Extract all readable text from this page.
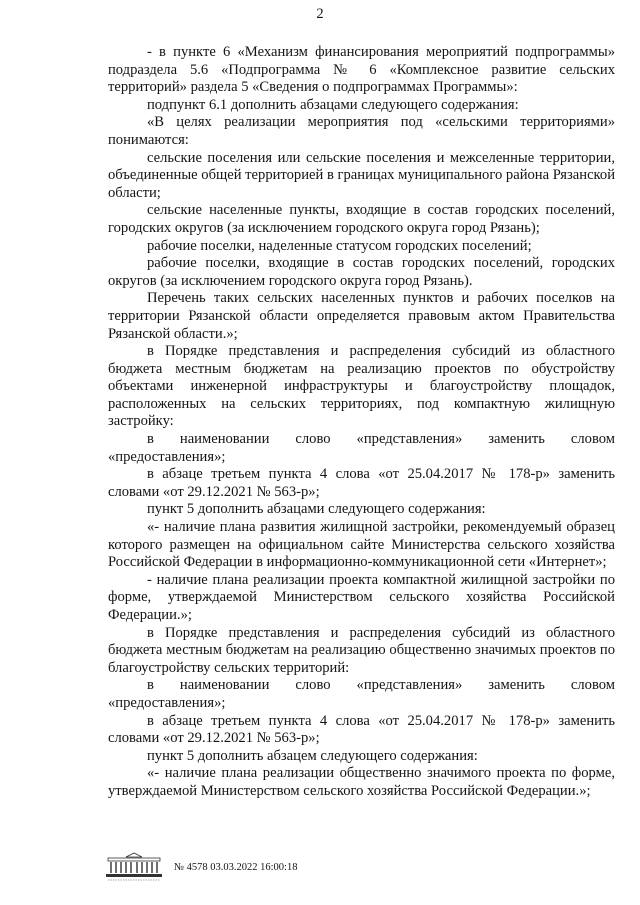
2

- в пункте 6 «Механизм финансирования мероприятий подпрограммы» подраздела 5.6 «Подпрограмма № 6 «Комплексное развитие сельских территорий» раздела 5 «Сведения о подпрограммах Программы»:

подпункт 6.1 дополнить абзацами следующего содержания:

«В целях реализации мероприятия под «сельскими территориями» понимаются:

сельские поселения или сельские поселения и межселенные территории, объединенные общей территорией в границах муниципального района Рязанской области;

сельские населенные пункты, входящие в состав городских поселений, городских округов (за исключением городского округа город Рязань);

рабочие поселки, наделенные статусом городских поселений;

рабочие поселки, входящие в состав городских поселений, городских округов (за исключением городского округа город Рязань).

Перечень таких сельских населенных пунктов и рабочих поселков на территории Рязанской области определяется правовым актом Правительства Рязанской области.»;

в Порядке представления и распределения субсидий из областного бюджета местным бюджетам на реализацию проектов по обустройству объектами инженерной инфраструктуры и благоустройству площадок, расположенных на сельских территориях, под компактную жилищную застройку:

в наименовании слово «представления» заменить словом «предоставления»;

в абзаце третьем пункта 4 слова «от 25.04.2017 № 178-р» заменить словами «от 29.12.2021 № 563-р»;

пункт 5 дополнить абзацами следующего содержания:

«- наличие плана развития жилищной застройки, рекомендуемый образец которого размещен на официальном сайте Министерства сельского хозяйства Российской Федерации в информационно-коммуникационной сети «Интернет»;

- наличие плана реализации проекта компактной жилищной застройки по форме, утверждаемой Министерством сельского хозяйства Российской Федерации.»;

в Порядке представления и распределения субсидий из областного бюджета местным бюджетам на реализацию общественно значимых проектов по благоустройству сельских территорий:

в наименовании слово «представления» заменить словом «предоставления»;

в абзаце третьем пункта 4 слова «от 25.04.2017 № 178-р» заменить словами «от 29.12.2021 № 563-р»;

пункт 5 дополнить абзацем следующего содержания:

«- наличие плана реализации общественно значимого проекта по форме, утверждаемой Министерством сельского хозяйства Российской Федерации.»;

№ 4578 03.03.2022 16:00:18
